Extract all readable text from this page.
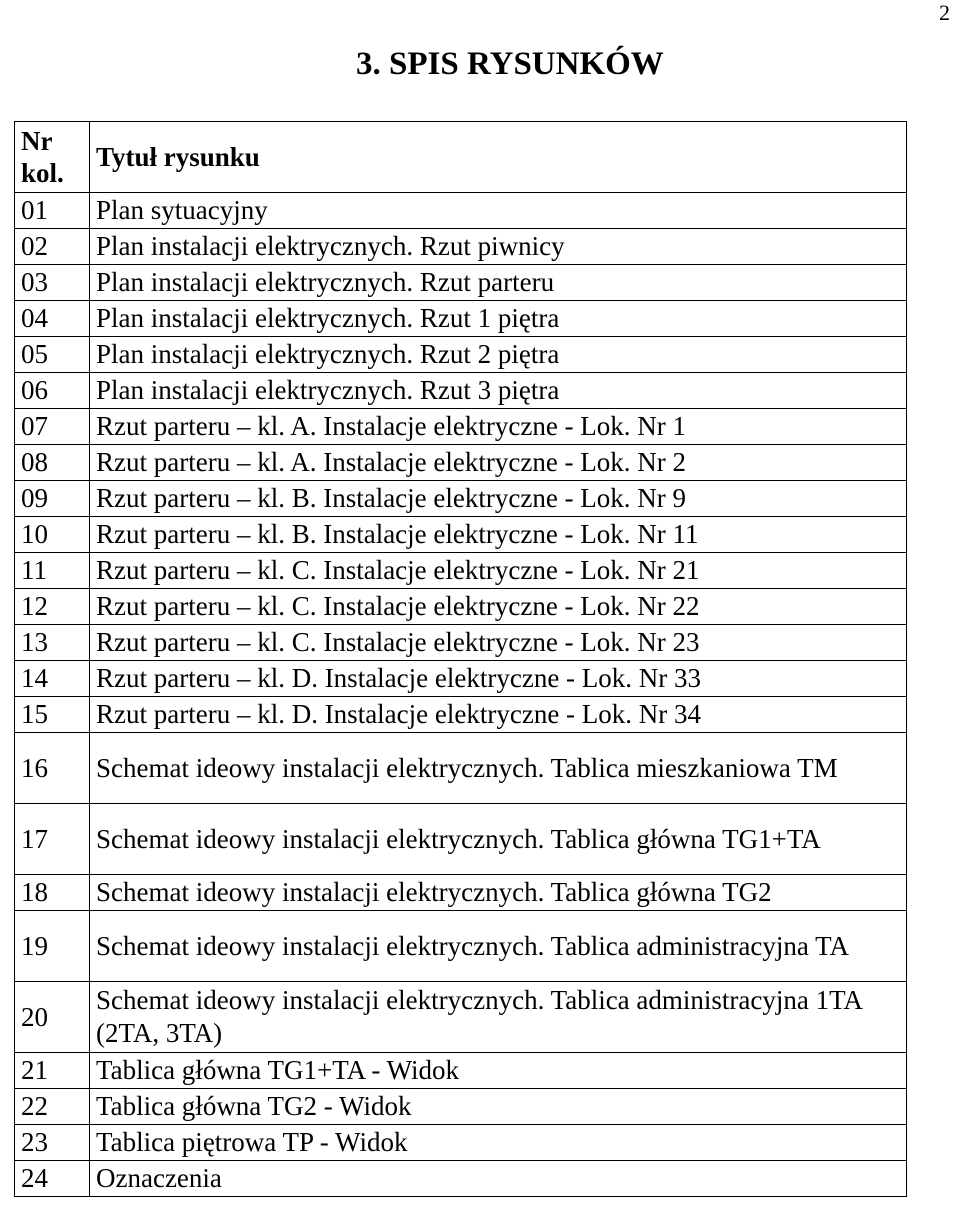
2
3. SPIS RYSUNKÓW
Nr
kol.	Tytuł rysunku
01	Plan sytuacyjny
02	Plan instalacji elektrycznych. Rzut piwnicy
03	Plan instalacji elektrycznych. Rzut parteru
04	Plan instalacji elektrycznych. Rzut 1 piętra
05	Plan instalacji elektrycznych. Rzut 2 piętra
06	Plan instalacji elektrycznych. Rzut 3 piętra
07	Rzut parteru – kl. A. Instalacje elektryczne - Lok. Nr 1
08	Rzut parteru – kl. A. Instalacje elektryczne - Lok. Nr 2
09	Rzut parteru – kl. B. Instalacje elektryczne - Lok. Nr 9
10	Rzut parteru – kl. B. Instalacje elektryczne - Lok. Nr 11
11	Rzut parteru – kl. C. Instalacje elektryczne - Lok. Nr 21
12	Rzut parteru – kl. C. Instalacje elektryczne - Lok. Nr 22
13	Rzut parteru – kl. C. Instalacje elektryczne - Lok. Nr 23
14	Rzut parteru – kl. D. Instalacje elektryczne - Lok. Nr 33
15	Rzut parteru – kl. D. Instalacje elektryczne - Lok. Nr 34
16	Schemat ideowy instalacji elektrycznych. Tablica mieszkaniowa TM
17	Schemat ideowy instalacji elektrycznych. Tablica główna TG1+TA
18	Schemat ideowy instalacji elektrycznych. Tablica główna TG2
19	Schemat ideowy instalacji elektrycznych. Tablica administracyjna TA
20	Schemat ideowy instalacji elektrycznych. Tablica administracyjna 1TA (2TA, 3TA)
21	Tablica główna TG1+TA - Widok
22	Tablica główna TG2 - Widok
23	Tablica piętrowa TP - Widok
24	Oznaczenia
